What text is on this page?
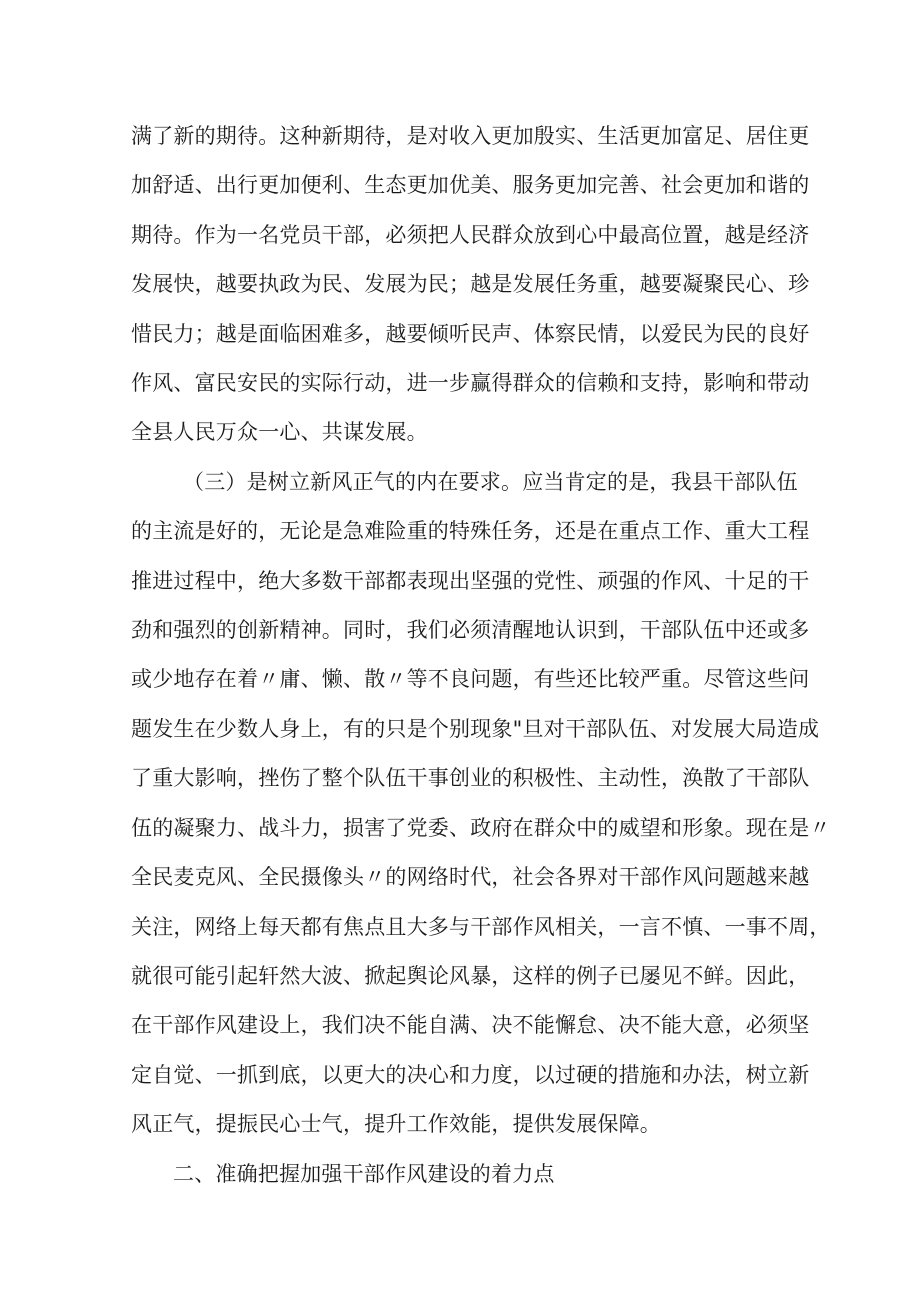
满了新的期待。这种新期待，是对收入更加殷实、生活更加富足、居住更
加舒适、出行更加便利、生态更加优美、服务更加完善、社会更加和谐的
期待。作为一名党员干部，必须把人民群众放到心中最高位置，越是经济
发展快，越要执政为民、发展为民；越是发展任务重，越要凝聚民心、珍
惜民力；越是面临困难多，越要倾听民声、体察民情，以爱民为民的良好
作风、富民安民的实际行动，进一步赢得群众的信赖和支持，影响和带动
全县人民万众一心、共谋发展。
（三）是树立新风正气的内在要求。应当肯定的是，我县干部队伍
的主流是好的，无论是急难险重的特殊任务，还是在重点工作、重大工程
推进过程中，绝大多数干部都表现出坚强的党性、顽强的作风、十足的干
劲和强烈的创新精神。同时，我们必须清醒地认识到，干部队伍中还或多
或少地存在着〃庸、懒、散〃等不良问题，有些还比较严重。尽管这些问
题发生在少数人身上，有的只是个别现象"旦对干部队伍、对发展大局造成
了重大影响，挫伤了整个队伍干事创业的积极性、主动性，涣散了干部队
伍的凝聚力、战斗力，损害了党委、政府在群众中的威望和形象。现在是〃
全民麦克风、全民摄像头〃的网络时代，社会各界对干部作风问题越来越
关注，网络上每天都有焦点且大多与干部作风相关，一言不慎、一事不周，
就很可能引起轩然大波、掀起舆论风暴，这样的例子已屡见不鲜。因此，
在干部作风建设上，我们决不能自满、决不能懈怠、决不能大意，必须坚
定自觉、一抓到底，以更大的决心和力度，以过硬的措施和办法，树立新
风正气，提振民心士气，提升工作效能，提供发展保障。
二、准确把握加强干部作风建设的着力点
